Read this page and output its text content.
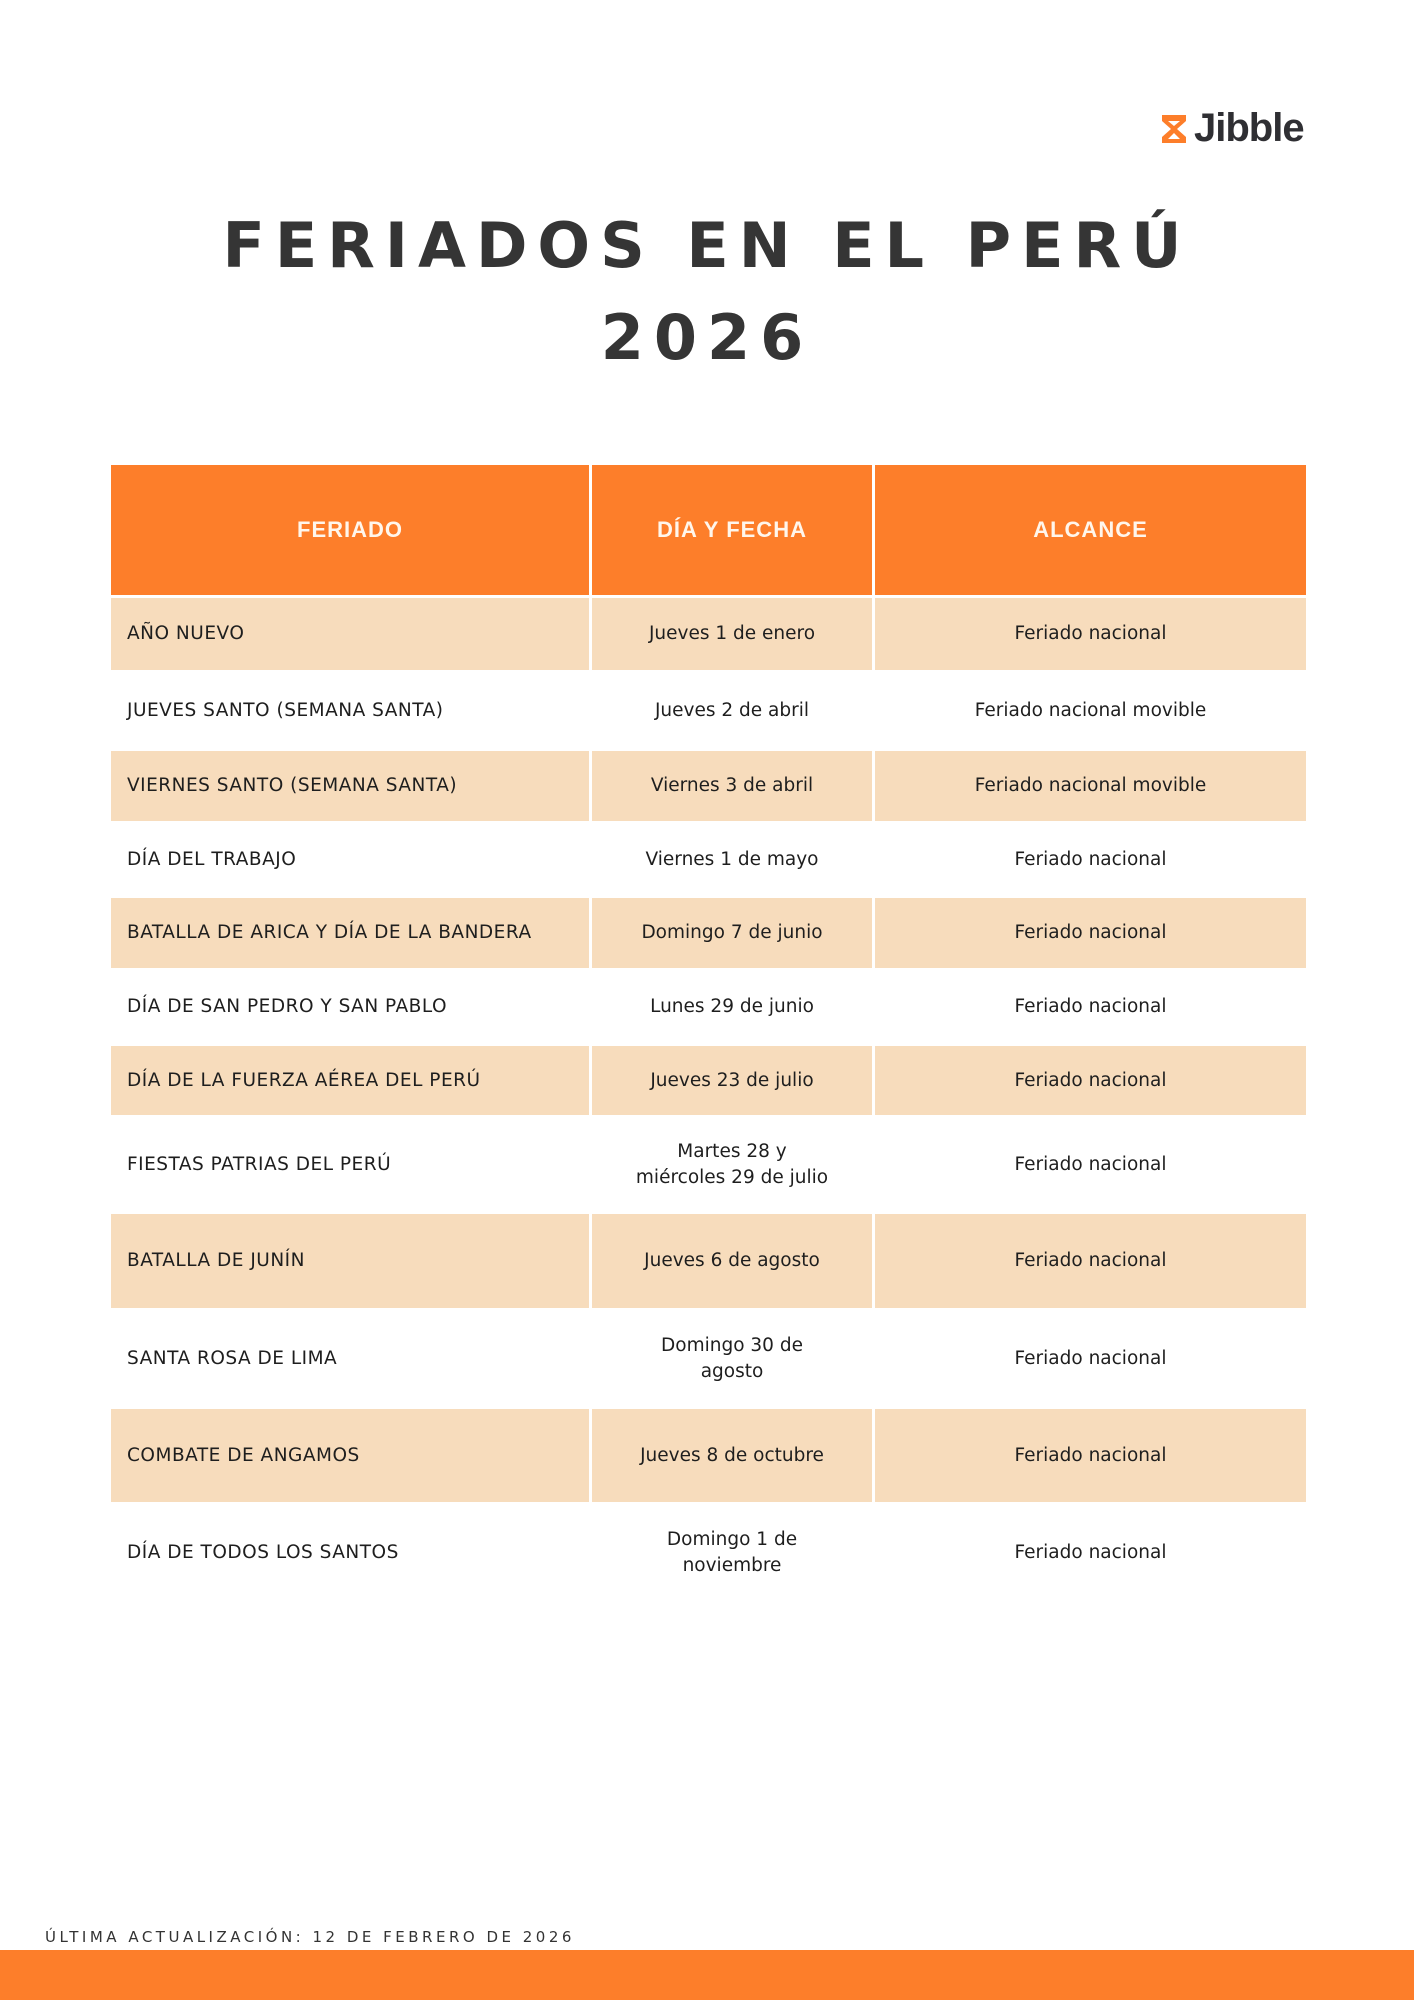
Jibble
FERIADOS EN EL PERÚ
2026
FERIADO	DÍA Y FECHA	ALCANCE
AÑO NUEVO	Jueves 1 de enero	Feriado nacional
JUEVES SANTO (SEMANA SANTA)	Jueves 2 de abril	Feriado nacional movible
VIERNES SANTO (SEMANA SANTA)	Viernes 3 de abril	Feriado nacional movible
DÍA DEL TRABAJO	Viernes 1 de mayo	Feriado nacional
BATALLA DE ARICA Y DÍA DE LA BANDERA	Domingo 7 de junio	Feriado nacional
DÍA DE SAN PEDRO Y SAN PABLO	Lunes 29 de junio	Feriado nacional
DÍA DE LA FUERZA AÉREA DEL PERÚ	Jueves 23 de julio	Feriado nacional
FIESTAS PATRIAS DEL PERÚ	Martes 28 y miércoles 29 de julio	Feriado nacional
BATALLA DE JUNÍN	Jueves 6 de agosto	Feriado nacional
SANTA ROSA DE LIMA	Domingo 30 de agosto	Feriado nacional
COMBATE DE ANGAMOS	Jueves 8 de octubre	Feriado nacional
DÍA DE TODOS LOS SANTOS	Domingo 1 de noviembre	Feriado nacional
ÚLTIMA ACTUALIZACIÓN: 12 DE FEBRERO DE 2026
